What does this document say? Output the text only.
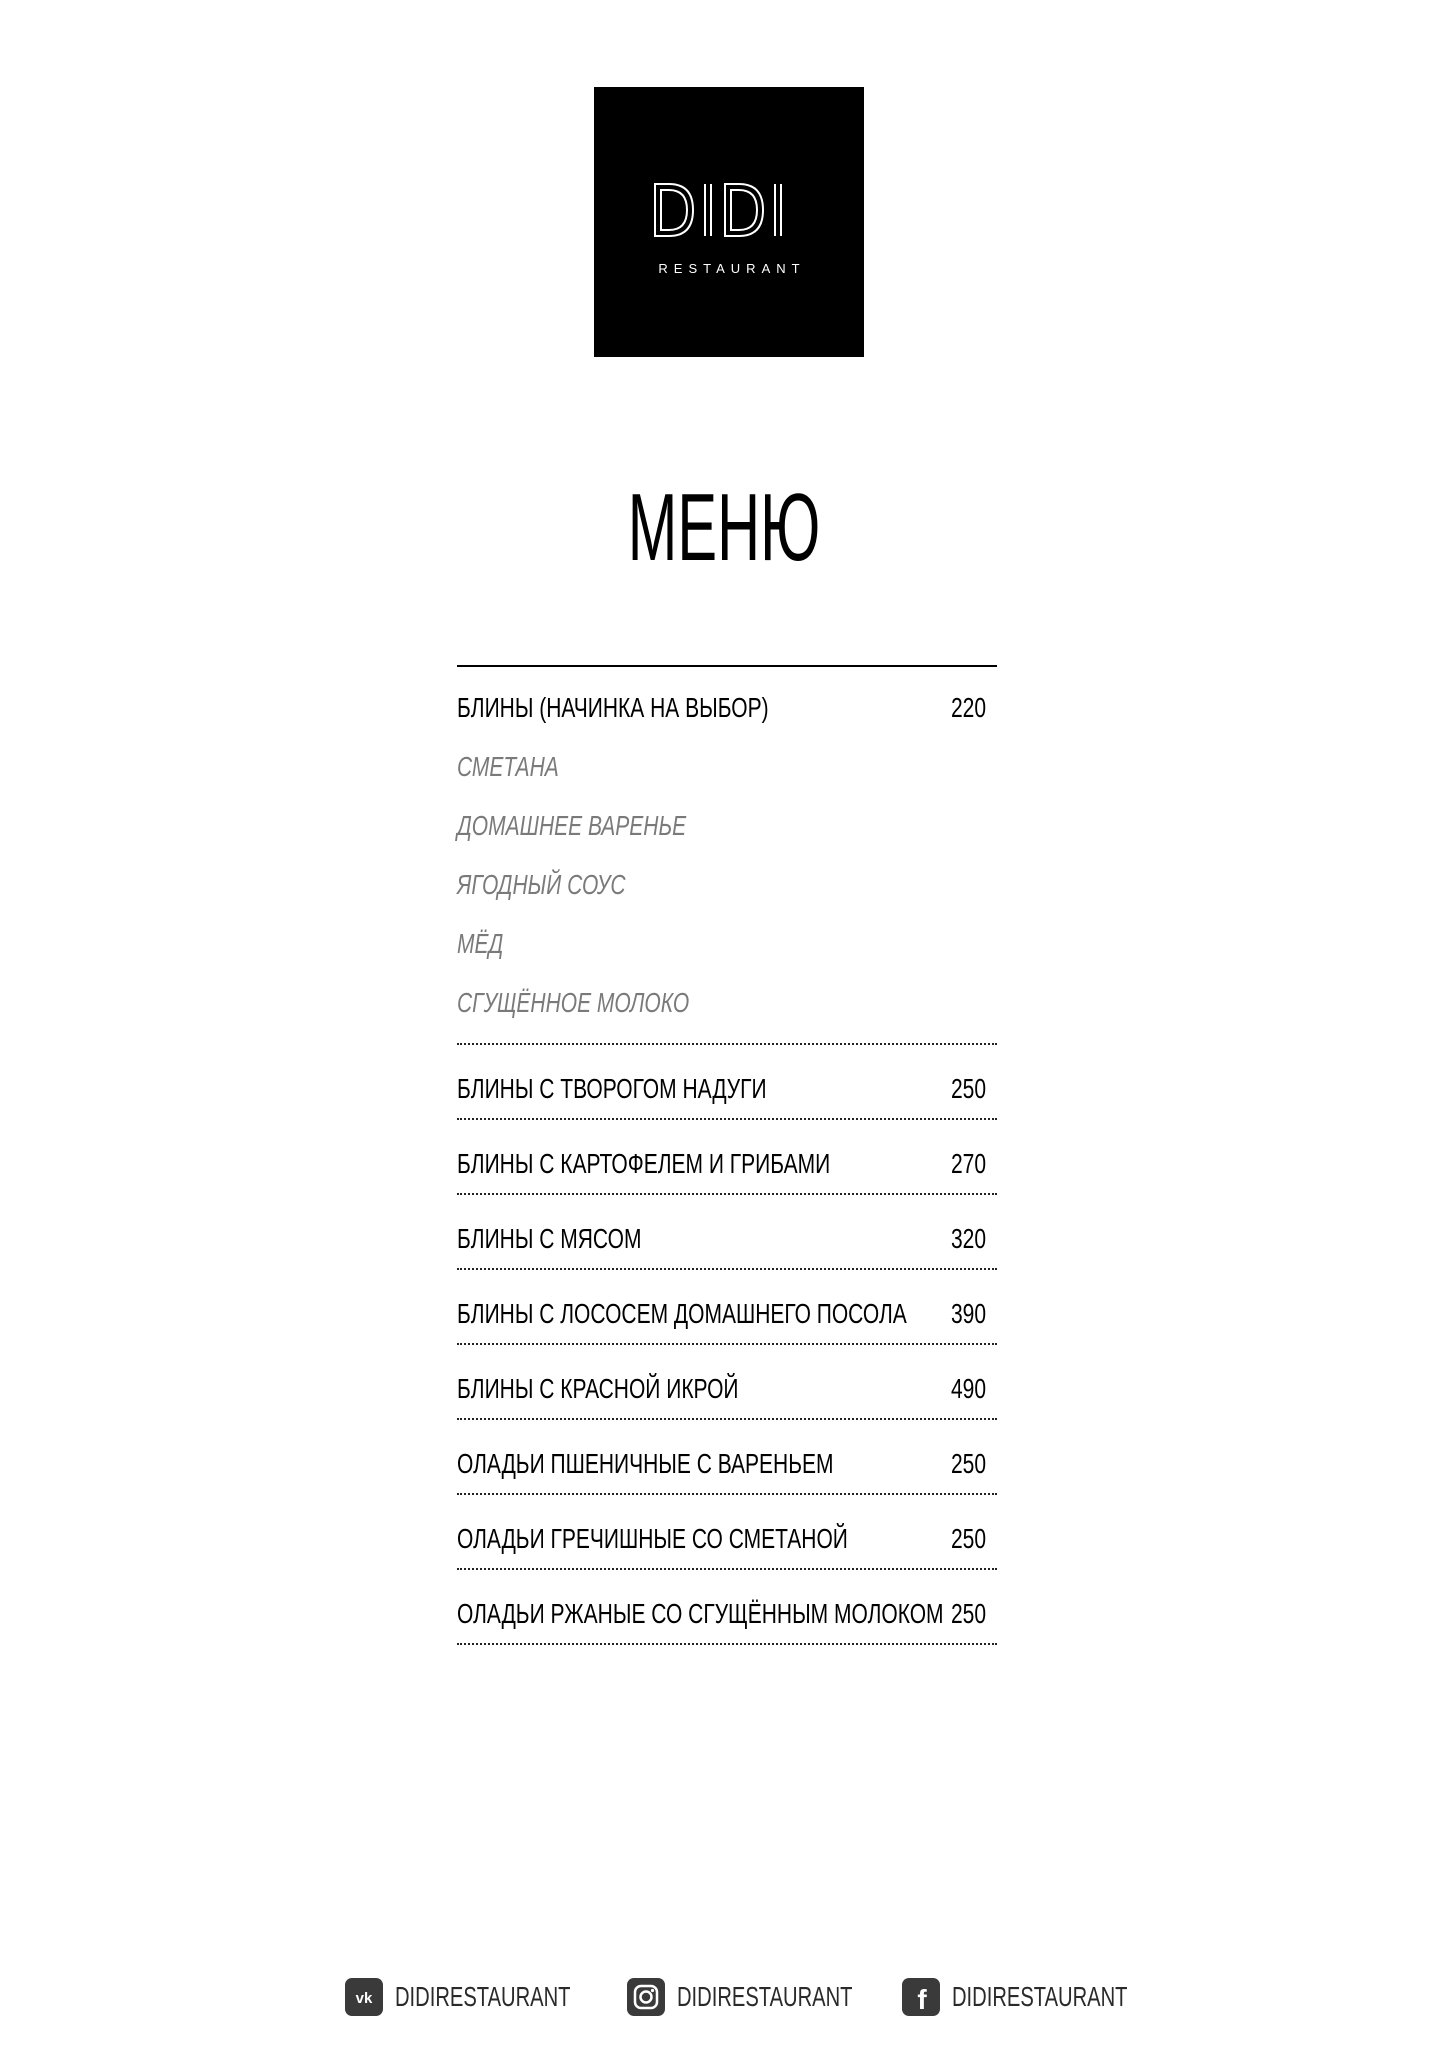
RESTAURANT
МЕНЮ
БЛИНЫ (НАЧИНКА НА ВЫБОР)	220
СМЕТАНА
ДОМАШНЕЕ ВАРЕНЬЕ
ЯГОДНЫЙ СОУС
МЁД
СГУЩЁННОЕ МОЛОКО
БЛИНЫ С ТВОРОГОМ НАДУГИ	250
БЛИНЫ С КАРТОФЕЛЕМ И ГРИБАМИ	270
БЛИНЫ С МЯСОМ	320
БЛИНЫ С ЛОСОСЕМ ДОМАШНЕГО ПОСОЛА 390
БЛИНЫ С КРАСНОЙ ИКРОЙ	490
ОЛАДЬИ ПШЕНИЧНЫЕ С ВАРЕНЬЕМ	250
ОЛАДЬИ ГРЕЧИШНЫЕ СО СМЕТАНОЙ	250
ОЛАДЬИ РЖАНЫЕ СО СГУЩЁННЫМ МОЛОКОМ 250
vk DIDIRESTAURANT	DIDIRESTAURANT f DIDIRESTAURANT
